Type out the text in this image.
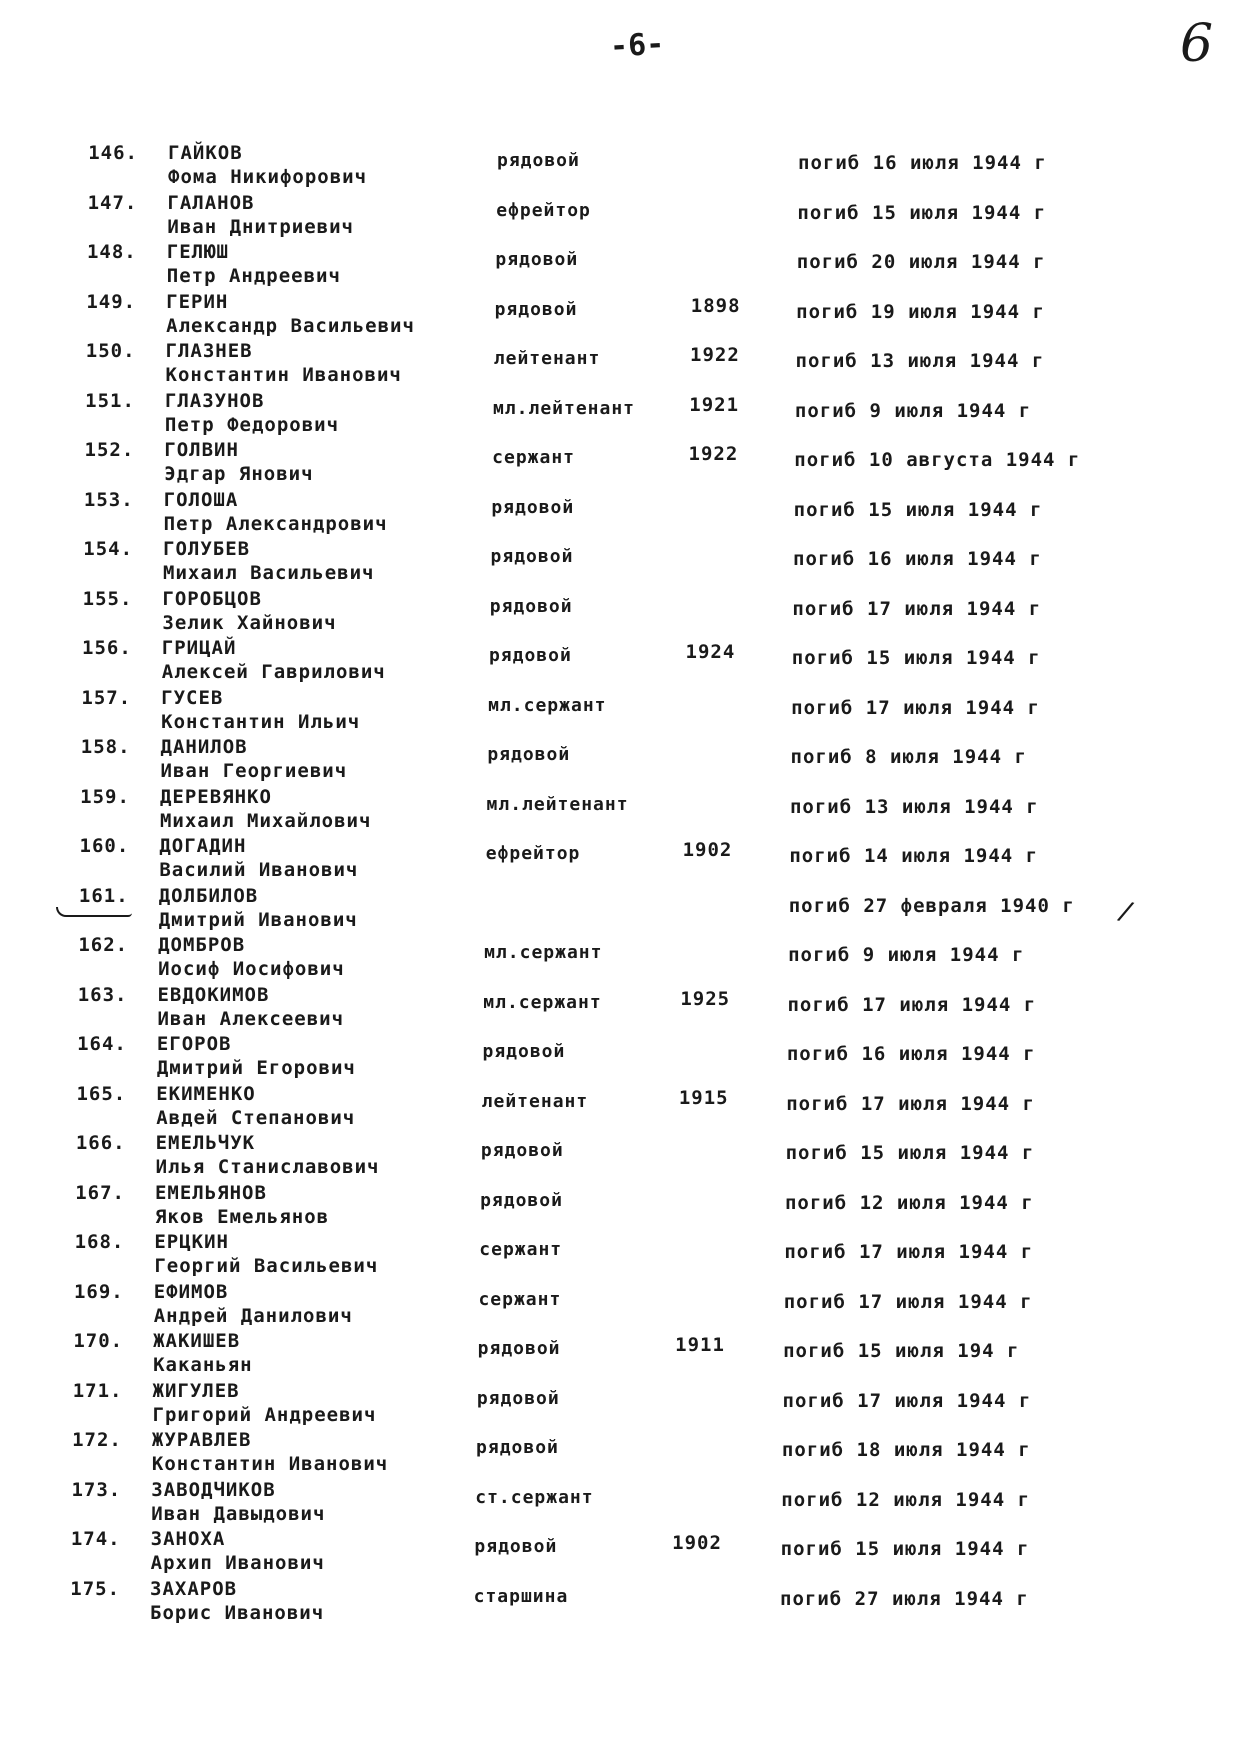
-6-	6
146. ГАЙКОВ
Фома Никифорович
рядовой	погиб 16 июля 1944 г
147. ГАЛАНОВ
Иван Днитриевич
ефрейтор	погиб 15 июля 1944 г
148. ГЕЛЮШ
Петр Андреевич
рядовой	погиб 20 июля 1944 г
149. ГЕРИН
Александр Васильевич
рядовой	1898	погиб 19 июля 1944 г
150. ГЛАЗНЕВ
Константин Иванович
лейтенант	1922	погиб 13 июля 1944 г
151. ГЛАЗУНОВ
Петр Федорович
мл.лейтенант	1921	погиб 9 июля 1944 г
152. ГОЛВИН
Эдгар Янович
сержант	1922	погиб 10 августа 1944 г
153. ГОЛОША
Петр Александрович
рядовой	погиб 15 июля 1944 г
154. ГОЛУБЕВ
Михаил Васильевич
рядовой	погиб 16 июля 1944 г
155. ГОРОБЦОВ
Зелик Хайнович
рядовой	погиб 17 июля 1944 г
156. ГРИЦАЙ
Алексей Гаврилович
рядовой	1924	погиб 15 июля 1944 г
157. ГУСЕВ
Константин Ильич
мл.сержант	погиб 17 июля 1944 г
158. ДАНИЛОВ
Иван Георгиевич
рядовой	погиб 8 июля 1944 г
159. ДЕРЕВЯНКО
Михаил Михайлович
мл.лейтенант	погиб 13 июля 1944 г
160. ДОГАДИН
Василий Иванович
ефрейтор	1902	погиб 14 июля 1944 г
161. ДОЛБИЛОВ
Дмитрий Иванович
погиб 27 февраля 1940 г /
162. ДОМБРОВ
Иосиф Иосифович
мл.сержант	погиб 9 июля 1944 г
163. ЕВДОКИМОВ
Иван Алексеевич
мл.сержант	1925	погиб 17 июля 1944 г
164. ЕГОРОВ
Дмитрий Егорович
рядовой	погиб 16 июля 1944 г
165. ЕКИМЕНКО
Авдей Степанович
лейтенант	1915	погиб 17 июля 1944 г
166. ЕМЕЛЬЧУК
Илья Станиславович
рядовой	погиб 15 июля 1944 г
167. ЕМЕЛЬЯНОВ
Яков Емельянов
рядовой	погиб 12 июля 1944 г
168. ЕРЦКИН
Георгий Васильевич
сержант	погиб 17 июля 1944 г
169. ЕФИМОВ
Андрей Данилович
сержант	погиб 17 июля 1944 г
170. ЖАКИШЕВ
Каканьян
рядовой	1911	погиб 15 июля 194 г
171. ЖИГУЛЕВ
Григорий Андреевич
рядовой	погиб 17 июля 1944 г
172. ЖУРАВЛЕВ
Константин Иванович
рядовой	погиб 18 июля 1944 г
173. ЗАВОДЧИКОВ
Иван Давыдович
ст.сержант	погиб 12 июля 1944 г
174. ЗАНОХА
Архип Иванович
рядовой	1902	погиб 15 июля 1944 г
175. ЗАХАРОВ
Борис Иванович
старшина	погиб 27 июля 1944 г
